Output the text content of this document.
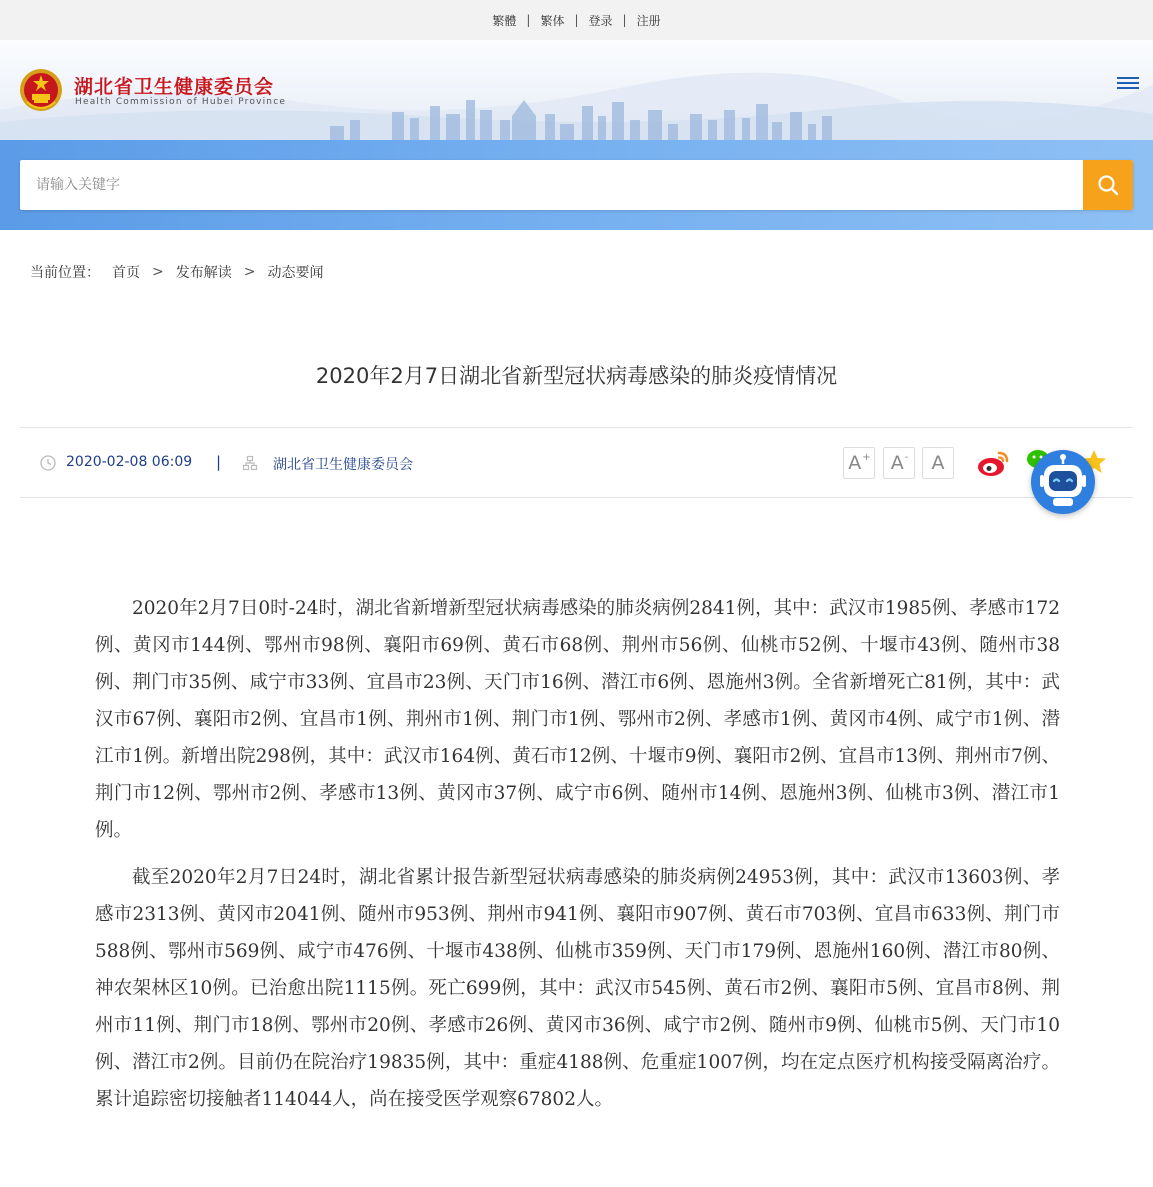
繁體 | 繁体 | 登录 | 注册
湖北省卫生健康委员会
Health Commission of Hubei Province
请输入关键字
当前位置： 首页 > 发布解读 > 动态要闻
2020年2月7日湖北省新型冠状病毒感染的肺炎疫情情况
2020-02-08 06:09 |	湖北省卫生健康委员会	A+ A- A

2020年2月7日0时-24时，湖北省新增新型冠状病毒感染的肺炎病例2841例，其中：武汉市1985例、孝感市172例、黄冈市144例、鄂州市98例、襄阳市69例、黄石市68例、荆州市56例、仙桃市52例、十堰市43例、随州市38例、荆门市35例、咸宁市33例、宜昌市23例、天门市16例、潜江市6例、恩施州3例。全省新增死亡81例，其中：武汉市67例、襄阳市2例、宜昌市1例、荆州市1例、荆门市1例、鄂州市2例、孝感市1例、黄冈市4例、咸宁市1例、潜江市1例。新增出院298例，其中：武汉市164例、黄石市12例、十堰市9例、襄阳市2例、宜昌市13例、荆州市7例、荆门市12例、鄂州市2例、孝感市13例、黄冈市37例、咸宁市6例、随州市14例、恩施州3例、仙桃市3例、潜江市1例。

截至2020年2月7日24时，湖北省累计报告新型冠状病毒感染的肺炎病例24953例，其中：武汉市13603例、孝感市2313例、黄冈市2041例、随州市953例、荆州市941例、襄阳市907例、黄石市703例、宜昌市633例、荆门市588例、鄂州市569例、咸宁市476例、十堰市438例、仙桃市359例、天门市179例、恩施州160例、潜江市80例、神农架林区10例。已治愈出院1115例。死亡699例，其中：武汉市545例、黄石市2例、襄阳市5例、宜昌市8例、荆州市11例、荆门市18例、鄂州市20例、孝感市26例、黄冈市36例、咸宁市2例、随州市9例、仙桃市5例、天门市10例、潜江市2例。目前仍在院治疗19835例，其中：重症4188例、危重症1007例，均在定点医疗机构接受隔离治疗。累计追踪密切接触者114044人，尚在接受医学观察67802人。
